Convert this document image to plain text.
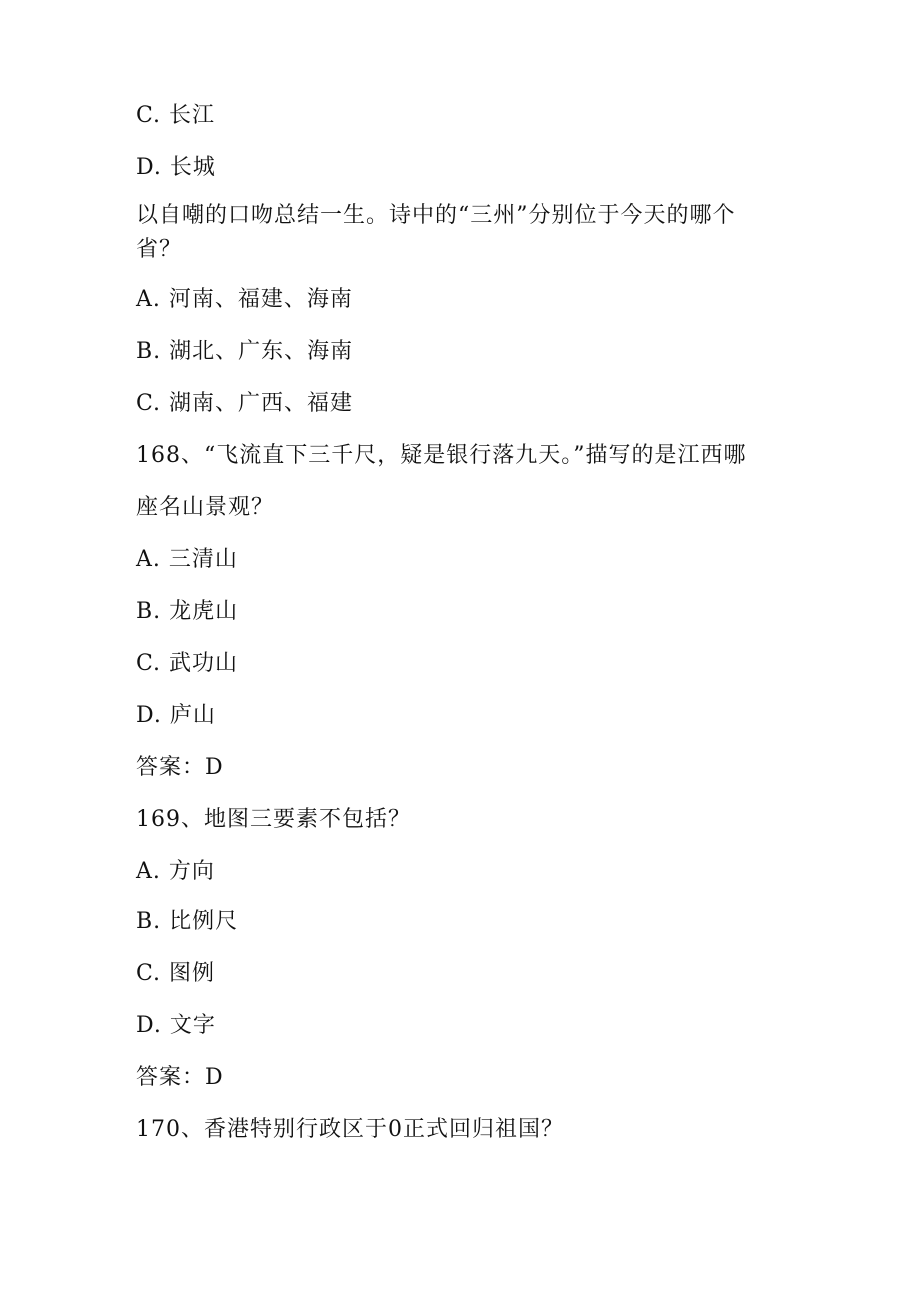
C. 长江
D. 长城
以自嘲的口吻总结一生。诗中的“三州”分别位于今天的哪个省？
A. 河南、福建、海南
B. 湖北、广东、海南
C. 湖南、广西、福建
168、“飞流直下三千尺，疑是银行落九天。”描写的是江西哪
座名山景观？
A. 三清山
B. 龙虎山
C. 武功山
D. 庐山
答案：D
169、地图三要素不包括？
A. 方向
B. 比例尺
C. 图例
D. 文字
答案：D
170、香港特别行政区于0正式回归祖国？
